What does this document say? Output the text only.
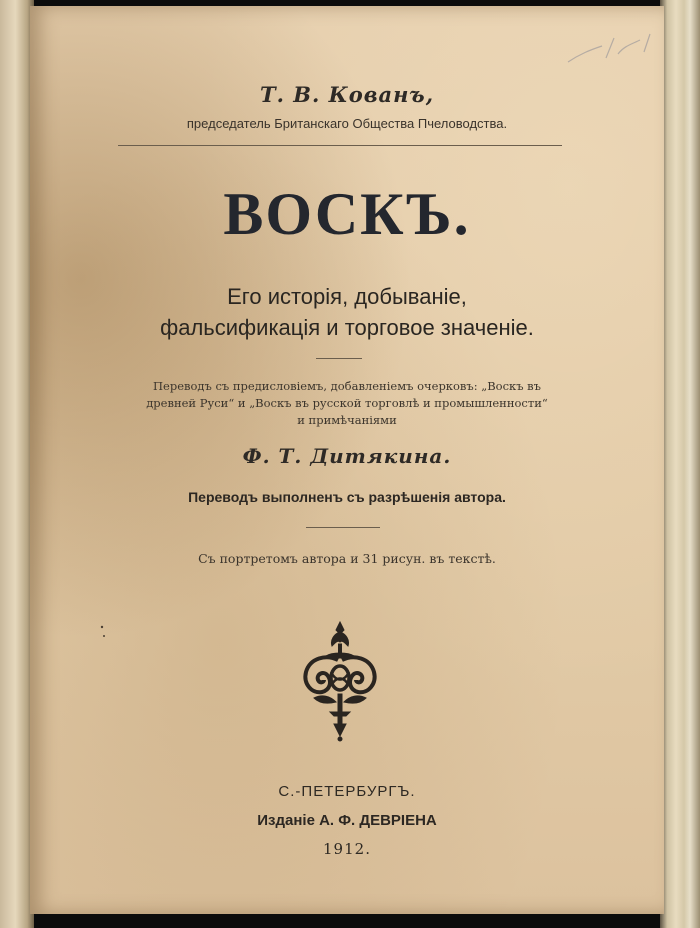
Т. В. Кованъ,
председатель Британскаго Общества Пчеловодства.
ВОСКЪ.
Его исторія, добываніе,
фальсификація и торговое значеніе.
Переводъ съ предисловіемъ, добавленіемъ очерковъ: „Воскъ въ
древней Руси“ и „Воскъ въ русской торговлѣ и промышленности“
и примѣчаніями
Ф. Т. Дитякина.
Переводъ выполненъ съ разрѣшенія автора.
Съ портретомъ автора и 31 рисун. въ текстѣ.
С.-ПЕТЕРБУРГЪ.
Изданіе А. Ф. ДЕВРІЕНА
1912.
